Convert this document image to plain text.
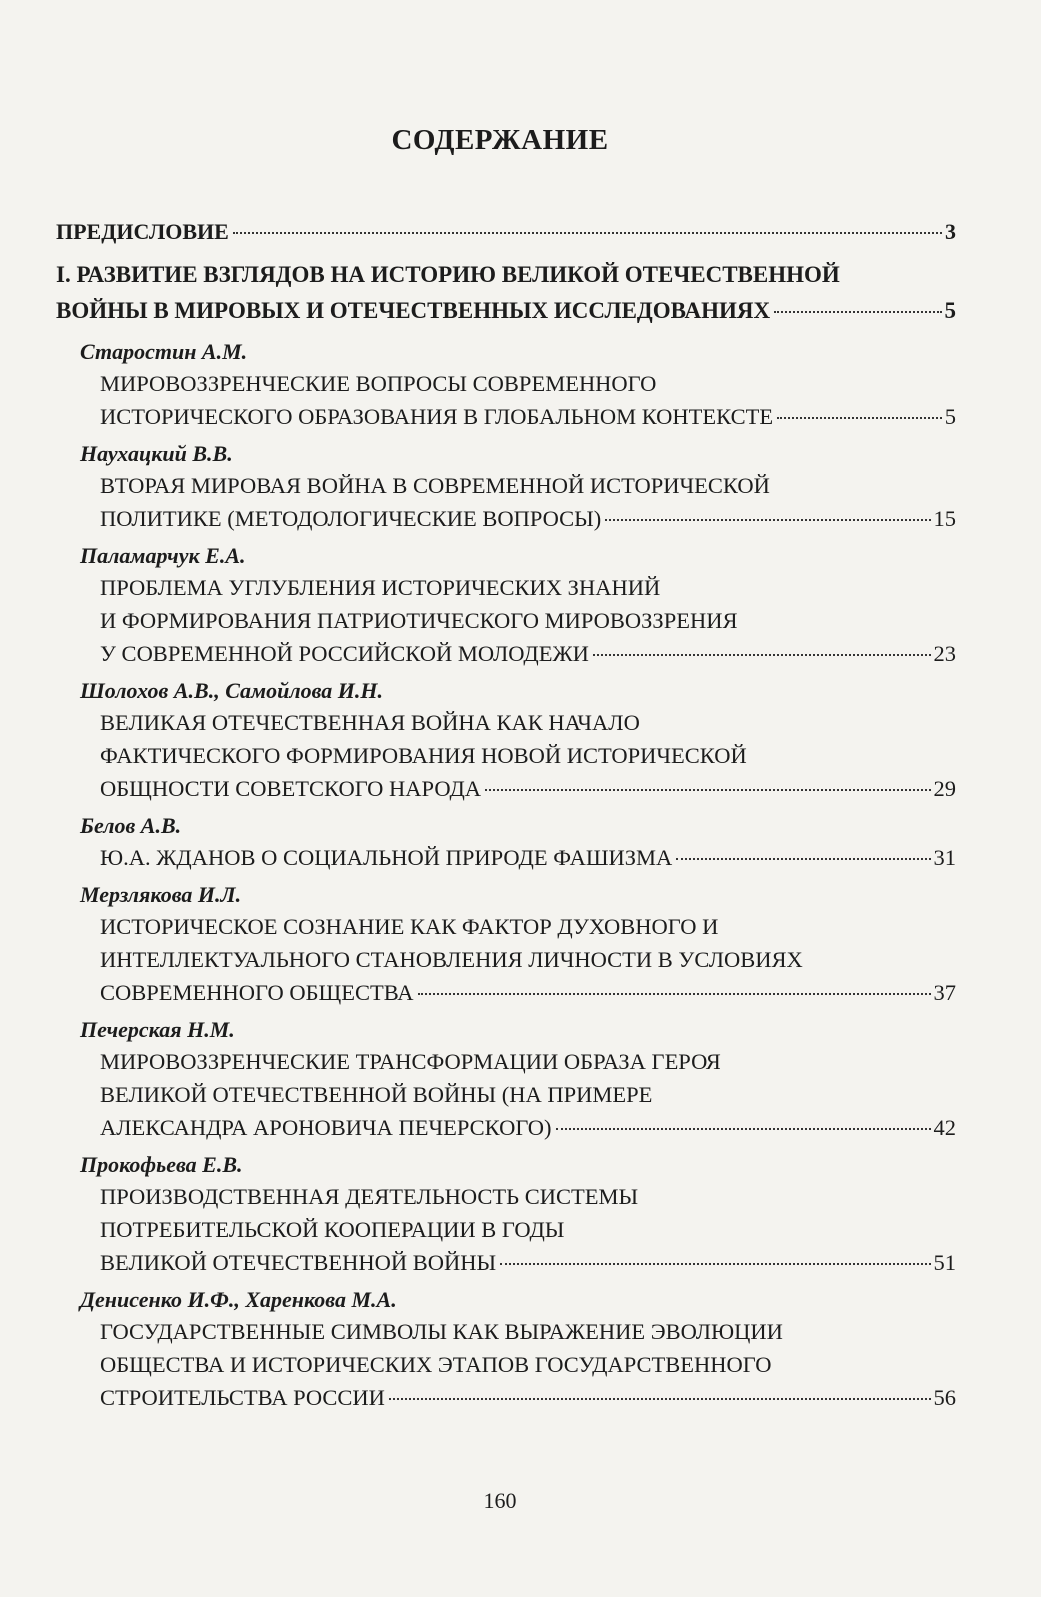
СОДЕРЖАНИЕ
ПРЕДИСЛОВИЕ	3
I. РАЗВИТИЕ ВЗГЛЯДОВ НА ИСТОРИЮ ВЕЛИКОЙ ОТЕЧЕСТВЕННОЙ
ВОЙНЫ В МИРОВЫХ И ОТЕЧЕСТВЕННЫХ ИССЛЕДОВАНИЯХ	5
Старостин А.М.
МИРОВОЗЗРЕНЧЕСКИЕ ВОПРОСЫ СОВРЕМЕННОГО
ИСТОРИЧЕСКОГО ОБРАЗОВАНИЯ В ГЛОБАЛЬНОМ КОНТЕКСТЕ	5
Наухацкий В.В.
ВТОРАЯ МИРОВАЯ ВОЙНА В СОВРЕМЕННОЙ ИСТОРИЧЕСКОЙ
ПОЛИТИКЕ (МЕТОДОЛОГИЧЕСКИЕ ВОПРОСЫ)	15
Паламарчук Е.А.
ПРОБЛЕМА УГЛУБЛЕНИЯ ИСТОРИЧЕСКИХ ЗНАНИЙ
И ФОРМИРОВАНИЯ ПАТРИОТИЧЕСКОГО МИРОВОЗЗРЕНИЯ
У СОВРЕМЕННОЙ РОССИЙСКОЙ МОЛОДЕЖИ	23
Шолохов А.В., Самойлова И.Н.
ВЕЛИКАЯ ОТЕЧЕСТВЕННАЯ ВОЙНА КАК НАЧАЛО
ФАКТИЧЕСКОГО ФОРМИРОВАНИЯ НОВОЙ ИСТОРИЧЕСКОЙ
ОБЩНОСТИ СОВЕТСКОГО НАРОДА	29
Белов А.В.
Ю.А. ЖДАНОВ О СОЦИАЛЬНОЙ ПРИРОДЕ ФАШИЗМА	31
Мерзлякова И.Л.
ИСТОРИЧЕСКОЕ СОЗНАНИЕ КАК ФАКТОР ДУХОВНОГО И
ИНТЕЛЛЕКТУАЛЬНОГО СТАНОВЛЕНИЯ ЛИЧНОСТИ В УСЛОВИЯХ
СОВРЕМЕННОГО ОБЩЕСТВА	37
Печерская Н.М.
МИРОВОЗЗРЕНЧЕСКИЕ ТРАНСФОРМАЦИИ ОБРАЗА ГЕРОЯ
ВЕЛИКОЙ ОТЕЧЕСТВЕННОЙ ВОЙНЫ (НА ПРИМЕРЕ
АЛЕКСАНДРА АРОНОВИЧА ПЕЧЕРСКОГО)	42
Прокофьева Е.В.
ПРОИЗВОДСТВЕННАЯ ДЕЯТЕЛЬНОСТЬ СИСТЕМЫ
ПОТРЕБИТЕЛЬСКОЙ КООПЕРАЦИИ В ГОДЫ
ВЕЛИКОЙ ОТЕЧЕСТВЕННОЙ ВОЙНЫ	51
Денисенко И.Ф., Харенкова М.А.
ГОСУДАРСТВЕННЫЕ СИМВОЛЫ КАК ВЫРАЖЕНИЕ ЭВОЛЮЦИИ
ОБЩЕСТВА И ИСТОРИЧЕСКИХ ЭТАПОВ ГОСУДАРСТВЕННОГО
СТРОИТЕЛЬСТВА РОССИИ	56
160
